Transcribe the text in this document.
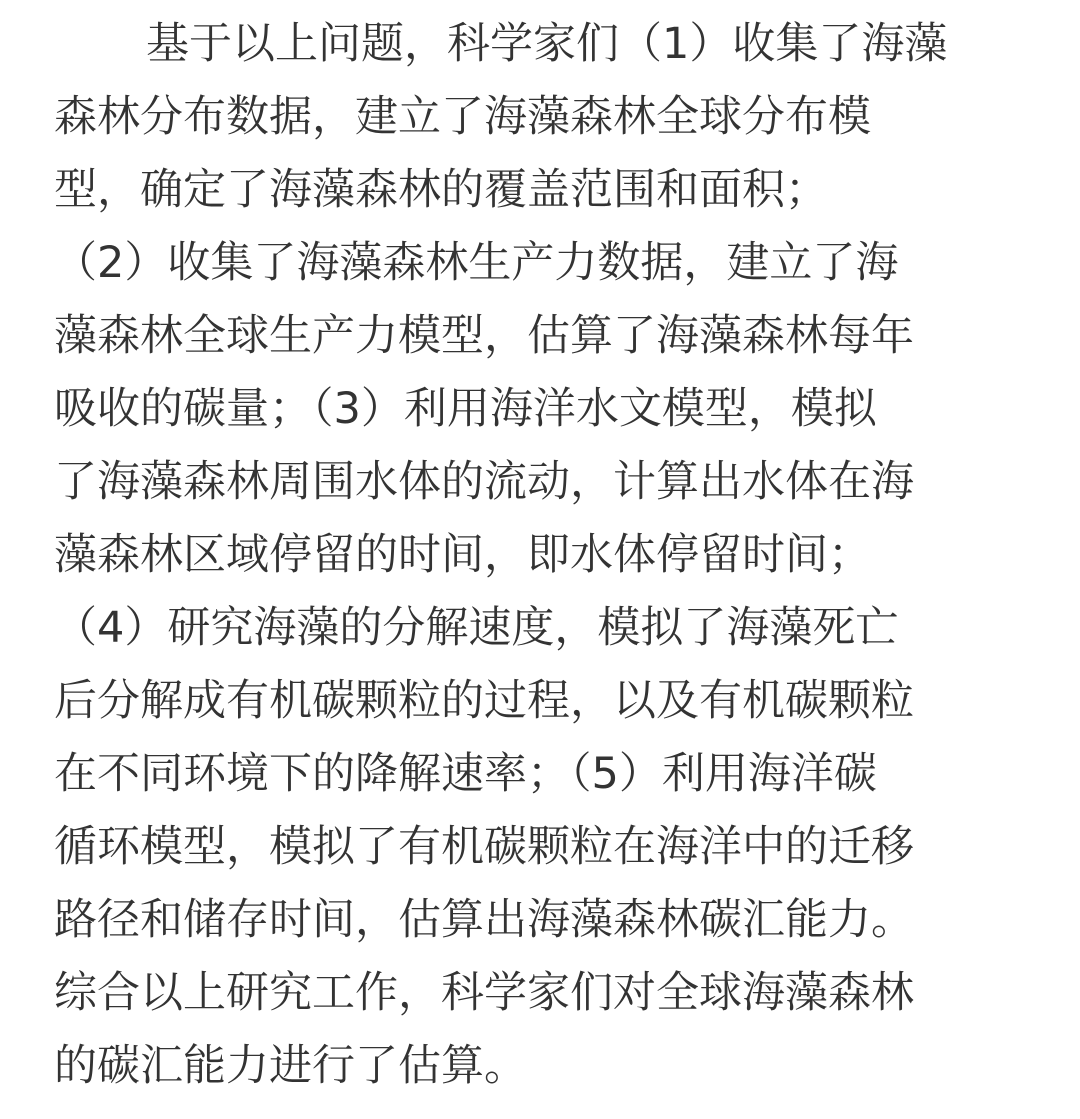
基于以上问题，科学家们（1）收集了海藻
森林分布数据，建立了海藻森林全球分布模
型，确定了海藻森林的覆盖范围和面积；
（2）收集了海藻森林生产力数据，建立了海
藻森林全球生产力模型，估算了海藻森林每年
吸收的碳量；（3）利用海洋水文模型，模拟
了海藻森林周围水体的流动，计算出水体在海
藻森林区域停留的时间，即水体停留时间；
（4）研究海藻的分解速度，模拟了海藻死亡
后分解成有机碳颗粒的过程，以及有机碳颗粒
在不同环境下的降解速率；（5）利用海洋碳
循环模型，模拟了有机碳颗粒在海洋中的迁移
路径和储存时间，估算出海藻森林碳汇能力。
综合以上研究工作，科学家们对全球海藻森林
的碳汇能力进行了估算。
